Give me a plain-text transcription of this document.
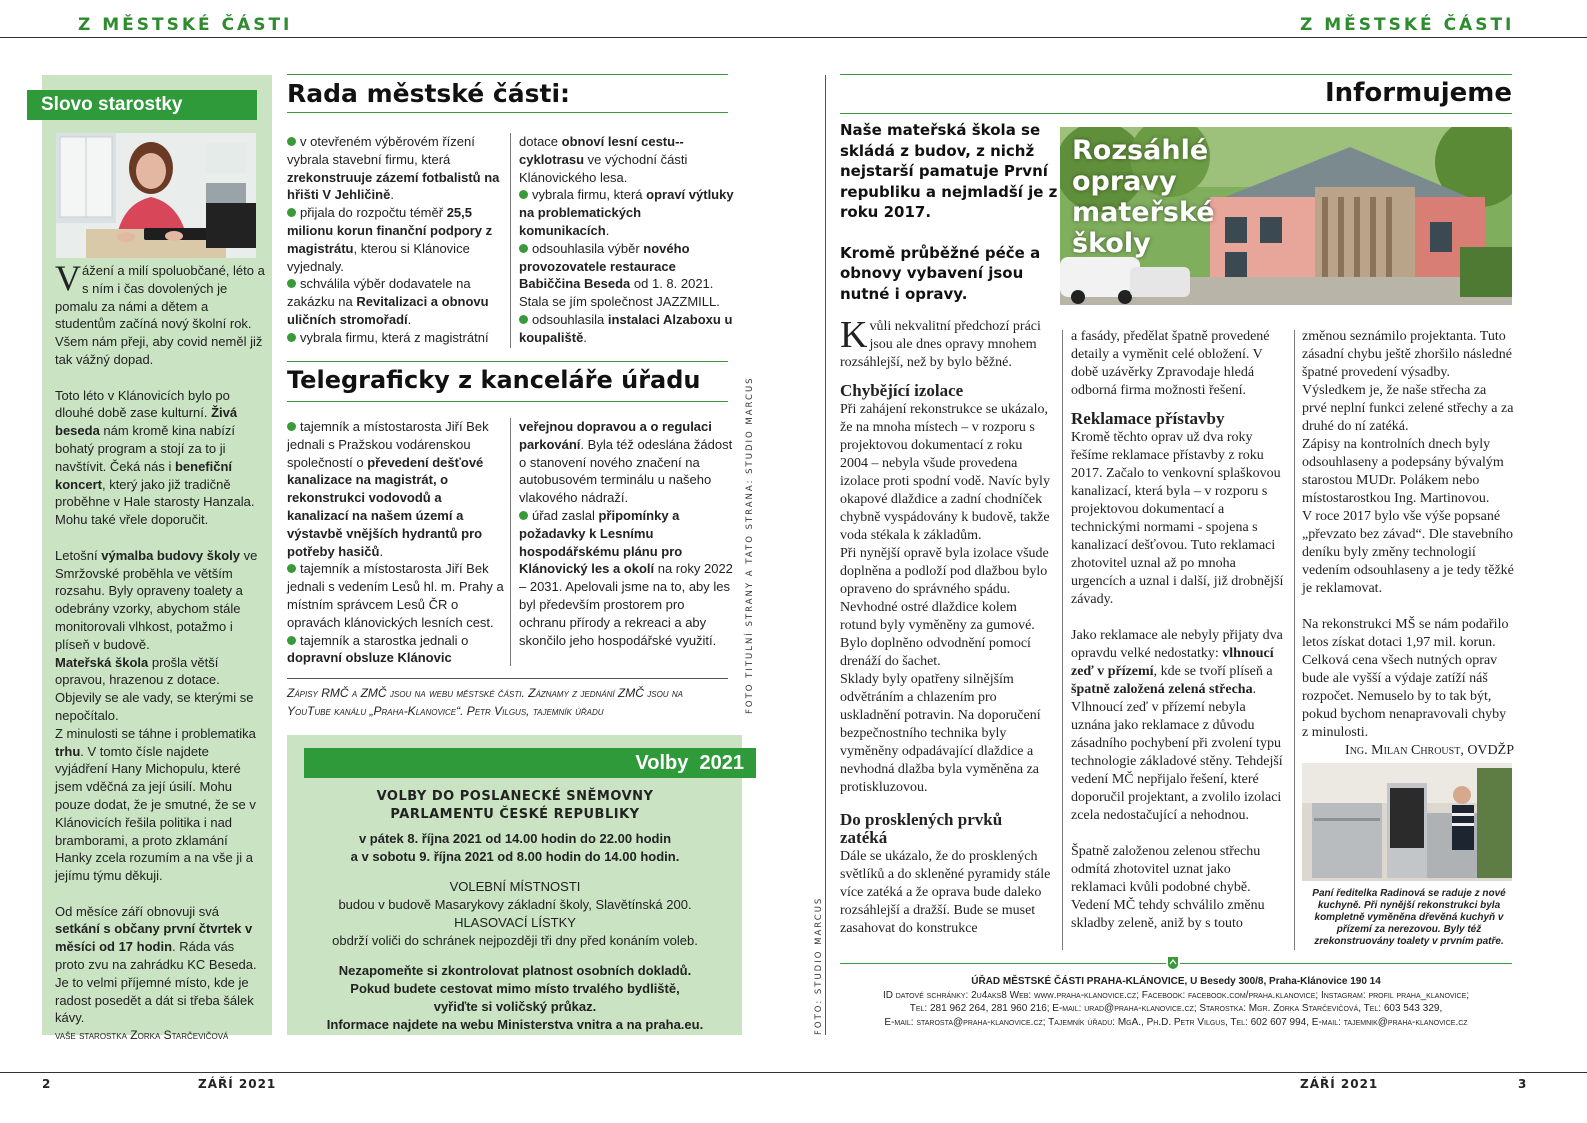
Z MĚSTSKÉ ČÁSTI	Z MĚSTSKÉ ČÁSTI
2	ZÁŘÍ 2021	ZÁŘÍ 2021	3
Slovo starostky

Vážení a milí spoluobčané, léto a s ním i čas dovolených je pomalu za námi a dětem a studentům začíná nový školní rok. Všem nám přeji, aby covid neměl již tak vážný dopad.

Toto léto v Klánovicích bylo po dlouhé době zase kulturní. Živá beseda nám kromě kina nabízí bohatý program a stojí za to ji navštívit. Čeká nás i benefiční koncert, který jako již tradičně proběhne v Hale starosty Hanzala. Mohu také vřele doporučit.

Letošní výmalba budovy školy ve Smržovské proběhla ve větším rozsahu. Byly opraveny toalety a odebrány vzorky, abychom stále monitorovali vlhkost, potažmo i plíseň v budově.

Mateřská škola prošla větší opravou, hrazenou z dotace. Objevily se ale vady, se kterými se nepočítalo.

Z minulosti se táhne i problematika trhu. V tomto čísle najdete vyjádření Hany Michopulu, které jsem vděčná za její úsilí. Mohu pouze dodat, že je smutné, že se v Klánovicích řešila politika i nad bramborami, a proto zklamání Hanky zcela rozumím a na vše ji a jejímu týmu děkuji.

Od měsíce září obnovuji svá setkání s občany první čtvrtek v měsíci od 17 hodin. Ráda vás proto zvu na zahrádku KC Beseda. Je to velmi příjemné místo, kde je radost posedět a dát si třeba šálek kávy.

vaše starostka Zorka Starčevičová

Rada městské části:

v otevřeném výběrovém řízení vybrala stavební firmu, která zrekonstruuje zázemí fotbalistů na hřišti V Jehličině.

přijala do rozpočtu téměř 25,5 milionu korun finanční podpory z magistrátu, kterou si Klánovice vyjednaly.

schválila výběr dodavatele na zakázku na Revitalizaci a obnovu uličních stromořadí.

vybrala firmu, která z magistrátní

dotace obnoví lesní cestu--cyklotrasu ve východní části Klánovického lesa.

vybrala firmu, která opraví výtluky na problematických komunikacích.

odsouhlasila výběr nového provozovatele restaurace Babiččina Beseda od 1. 8. 2021. Stala se jím společnost JAZZMILL.

odsouhlasila instalaci Alzaboxu u koupaliště.

Telegraficky z kanceláře úřadu

tajemník a místostarosta Jiří Bek jednali s Pražskou vodárenskou společností o převedení dešťové kanalizace na magistrát, o rekonstrukci vodovodů a kanalizací na našem území a výstavbě vnějších hydrantů pro potřeby hasičů.

tajemník a místostarosta Jiří Bek jednali s vedením Lesů hl. m. Prahy a místním správcem Lesů ČR o opravách klánovických lesních cest.

tajemník a starostka jednali o dopravní obsluze Klánovic

veřejnou dopravou a o regulaci parkování. Byla též odeslána žádost o stanovení nového značení na autobusovém terminálu u našeho vlakového nádraží.

úřad zaslal připomínky a požadavky k Lesnímu hospodářskému plánu pro Klánovický les a okolí na roky 2022 – 2031. Apelovali jsme na to, aby les byl především prostorem pro ochranu přírody a rekreaci a aby skončilo jeho hospodářské využití.

Zápisy RMČ a ZMČ jsou na webu městské části. Záznamy z jednání ZMČ jsou na YouTube kanálu „Praha-Klanovice“. Petr Vilgus, tajemník úřadu	FOTO TITULNÍ STRANY A TATO STRANA: STUDIO MARCUS
FOTO: STUDIO MARCUS
Volby  2021

VOLBY DO POSLANECKÉ SNĚMOVNY PARLAMENTU ČESKÉ REPUBLIKY

v pátek 8. října 2021 od 14.00 hodin do 22.00 hodin

a v sobotu 9. října 2021 od 8.00 hodin do 14.00 hodin.

VOLEBNÍ MÍSTNOSTI

budou v budově Masarykovy základní školy, Slavětínská 200.

HLASOVACÍ LÍSTKY

obdrží voliči do schránek nejpozději tři dny před konáním voleb.

Nezapomeňte si zkontrolovat platnost osobních dokladů.

Pokud budete cestovat mimo místo trvalého bydliště,

vyřiďte si voličský průkaz.

Informace najdete na webu Ministerstva vnitra a na praha.eu.

Informujeme

Naše mateřská škola se skládá z budov, z nichž nejstarší pamatuje První republiku a nejmladší je z roku 2017.

Kromě průběžné péče a obnovy vybavení jsou nutné i opravy.

Rozsáhlé opravy mateřské školy

Kvůli nekvalitní předchozí práci jsou ale dnes opravy mnohem rozsáhlejší, než by bylo běžné.

Chybějící izolace

Při zahájení rekonstrukce se ukázalo, že na mnoha místech – v rozporu s projektovou dokumentací z roku 2004 – nebyla všude provedena izolace proti spodní vodě. Navíc byly okapové dlaždice a zadní chodníček chybně vyspádovány k budově, takže voda stékala k základům.

Při nynější opravě byla izolace všude doplněna a podloží pod dlažbou bylo opraveno do správného spádu. Nevhodné ostré dlaždice kolem rotund byly vyměněny za gumové. Bylo doplněno odvodnění pomocí drenáží do šachet.

Sklady byly opatřeny silnějším odvětráním a chlazením pro uskladnění potravin. Na doporučení bezpečnostního technika byly vyměněny odpadávající dlaždice a nevhodná dlažba byla vyměněna za protiskluzovou.

Do prosklených prvků zatéká

Dále se ukázalo, že do prosklených světlíků a do skleněné pyramidy stále více zatéká a že oprava bude daleko rozsáhlejší a dražší. Bude se muset zasahovat do konstrukce

a fasády, předělat špatně provedené detaily a vyměnit celé obložení. V době uzávěrky Zpravodaje hledá odborná firma možnosti řešení.

Reklamace přístavby

Kromě těchto oprav už dva roky řešíme reklamace přístavby z roku 2017. Začalo to venkovní splaškovou kanalizací, která byla – v rozporu s projektovou dokumentací a technickými normami - spojena s kanalizací dešťovou. Tuto reklamaci zhotovitel uznal až po mnoha urgencích a uznal i další, již drobnější závady.

Jako reklamace ale nebyly přijaty dva opravdu velké nedostatky: vlhnoucí zeď v přízemí, kde se tvoří plíseň a špatně založená zelená střecha.

Vlhnoucí zeď v přízemí nebyla uznána jako reklamace z důvodu zásadního pochybení při zvolení typu technologie základové stěny. Tehdejší vedení MČ nepřijalo řešení, které doporučil projektant, a zvolilo izolaci zcela nedostačující a nehodnou.

Špatně založenou zelenou střechu odmítá zhotovitel uznat jako reklamaci kvůli podobné chybě. Vedení MČ tehdy schválilo změnu skladby zeleně, aniž by s touto

změnou seznámilo projektanta. Tuto zásadní chybu ještě zhoršilo následné špatné provedení výsadby. Výsledkem je, že naše střecha za prvé neplní funkci zelené střechy a za druhé do ní zatéká.

Zápisy na kontrolních dnech byly odsouhlaseny a podepsány bývalým starostou MUDr. Polákem nebo místostarostkou Ing. Martinovou.

V roce 2017 bylo vše výše popsané „převzato bez závad“. Dle stavebního deníku byly změny technologií vedením odsouhlaseny a je tedy těžké je reklamovat.

Na rekonstrukci MŠ se nám podařilo letos získat dotaci 1,97 mil. korun. Celková cena všech nutných oprav bude ale vyšší a výdaje zatíží náš rozpočet. Nemuselo by to tak být, pokud bychom nenapravovali chyby z minulosti.

Ing. Milan Chroust, OVDŽP

Paní ředitelka Radinová se raduje z nové kuchyně. Při nynější rekonstrukci byla kompletně vyměněna dřevěná kuchyň v přízemí za nerezovou. Byly též zrekonstruovány toalety v prvním patře.

ÚŘAD MĚSTSKÉ ČÁSTI PRAHA-KLÁNOVICE, U Besedy 300/8, Praha-Klánovice 190 14

ID datové schránky: 2u4aks8 Web: www.praha-klanovice.cz; Facebook: facebook.com/praha.klanovice; Instagram: profil praha_klanovice;

Tel: 281 962 264, 281 960 216; E-mail: urad@praha-klanovice.cz; Starostka: Mgr. Zorka Starčevičová, Tel: 603 543 329,

E-mail: starosta@praha-klanovice.cz; Tajemník úřadu: MgA., Ph.D. Petr Vilgus, Tel: 602 607 994, E-mail: tajemnik@praha-klanovice.cz
